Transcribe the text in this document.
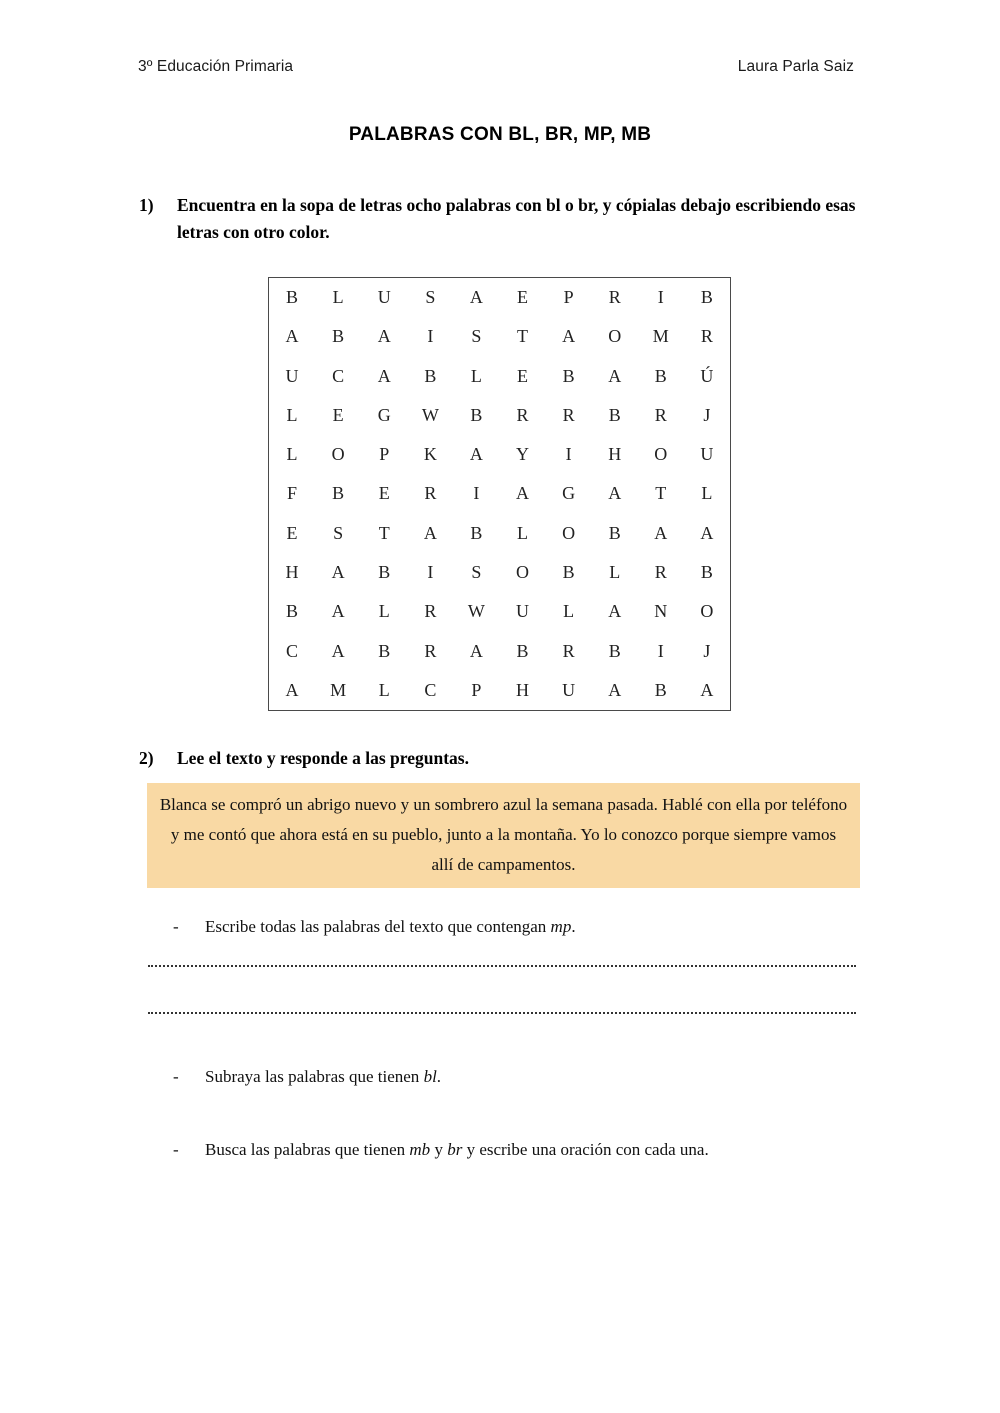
3º Educación Primaria	Laura Parla Saiz
PALABRAS CON BL, BR, MP, MB
1)	Encuentra en la sopa de letras ocho palabras con bl o br, y cópialas debajo escribiendo esas letras con otro color.
B	L	U	S	A	E	P	R	I	B
A	B	A	I	S	T	A	O	M	R
U	C	A	B	L	E	B	A	B	Ú
L	E	G	W	B	R	R	B	R	J
L	O	P	K	A	Y	I	H	O	U
F	B	E	R	I	A	G	A	T	L
E	S	T	A	B	L	O	B	A	A
H	A	B	I	S	O	B	L	R	B
B	A	L	R	W	U	L	A	N	O
C	A	B	R	A	B	R	B	I	J
A	M	L	C	P	H	U	A	B	A
2)	Lee el texto y responde a las preguntas.
Blanca se compró un abrigo nuevo y un sombrero azul la semana pasada. Hablé con ella por teléfono y me contó que ahora está en su pueblo, junto a la montaña. Yo lo conozco porque siempre vamos allí de campamentos.
-	Escribe todas las palabras del texto que contengan mp.
-	Subraya las palabras que tienen bl.
-	Busca las palabras que tienen mb y br y escribe una oración con cada una.
